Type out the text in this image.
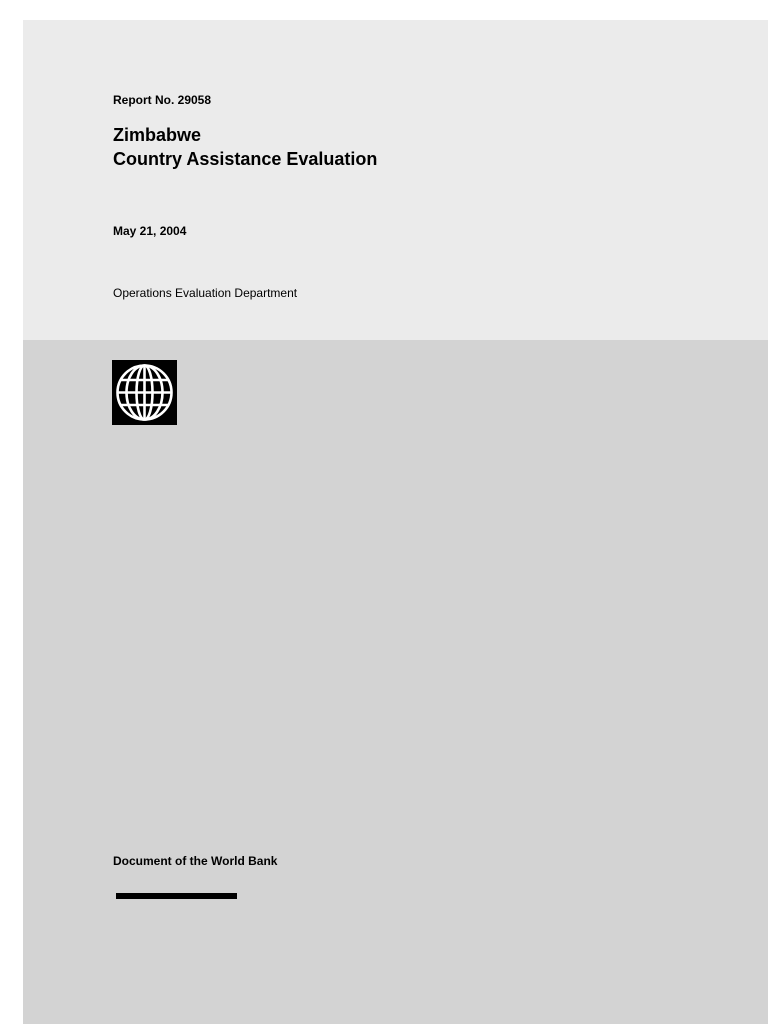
Report No. 29058
Zimbabwe
Country Assistance Evaluation
May 21, 2004
Operations Evaluation Department
Document of the World Bank
